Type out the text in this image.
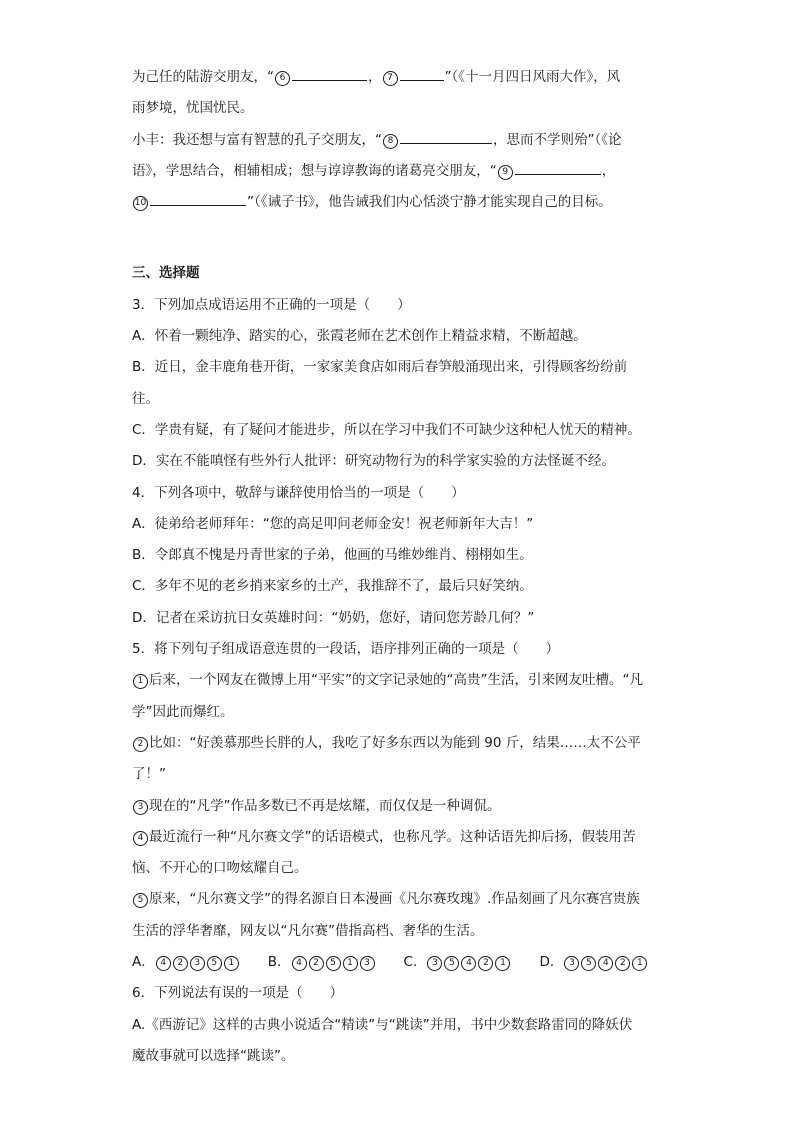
为己任的陆游交朋友，“ 6	， 7	”（《十一月四日风雨大作》，风
雨梦境，忧国忧民。
小丰：我还想与富有智慧的孔子交朋友，“ 8	，思而不学则殆”（《论
语》，学思结合，相辅相成；想与谆谆教诲的诸葛亮交朋友，“ 9	，
10	”（《诫子书》，他告诫我们内心恬淡宁静才能实现自己的目标。
三、选择题
3．下列加点成语运用不正确的一项是（　　）
A．怀着一颗纯净、踏实的心，张霞老师在艺术创作上精益求精，不断超越。
B．近日，金丰鹿角巷开街，一家家美食店如雨后春笋般涌现出来，引得顾客纷纷前
往。
C．学贵有疑，有了疑问才能进步，所以在学习中我们不可缺少这种杞人忧天的精神。
D．实在不能嗔怪有些外行人批评：研究动物行为的科学家实验的方法怪诞不经。
4．下列各项中，敬辞与谦辞使用恰当的一项是（　　）
A．徒弟给老师拜年：“您的高足叩问老师金安！祝老师新年大吉！”
B．令郎真不愧是丹青世家的子弟，他画的马维妙维肖、栩栩如生。
C．多年不见的老乡捎来家乡的土产，我推辞不了，最后只好笑纳。
D．记者在采访抗日女英雄时问：“奶奶，您好，请问您芳龄几何？”
5．将下列句子组成语意连贯的一段话，语序排列正确的一项是（　　）
1 后来，一个网友在微博上用“平实”的文字记录她的“高贵”生活，引来网友吐槽。“凡
学”因此而爆红。
2 比如：“好羡慕那些长胖的人，我吃了好多东西以为能到 90 斤，结果……太不公平
了！”
3 现在的“凡学”作品多数已不再是炫耀，而仅仅是一种调侃。
4 最近流行一种“凡尔赛文学”的话语模式，也称凡学。这种话语先抑后扬，假装用苦
恼、不开心的口吻炫耀自己。
5 原来，“凡尔赛文学”的得名源自日本漫画《凡尔赛玫瑰》.作品刻画了凡尔赛宫贵族
生活的浮华奢靡，网友以“凡尔赛”借指高档、奢华的生活。
A． 4 2 3 5 1 B． 4 2 5 1 3 C． 3 5 4 2 1 D． 3 5 4 2 1
6．下列说法有误的一项是（　　）
A.《西游记》这样的古典小说适合“精读”与“跳读”并用，书中少数套路雷同的降妖伏
魔故事就可以选择“跳读”。
